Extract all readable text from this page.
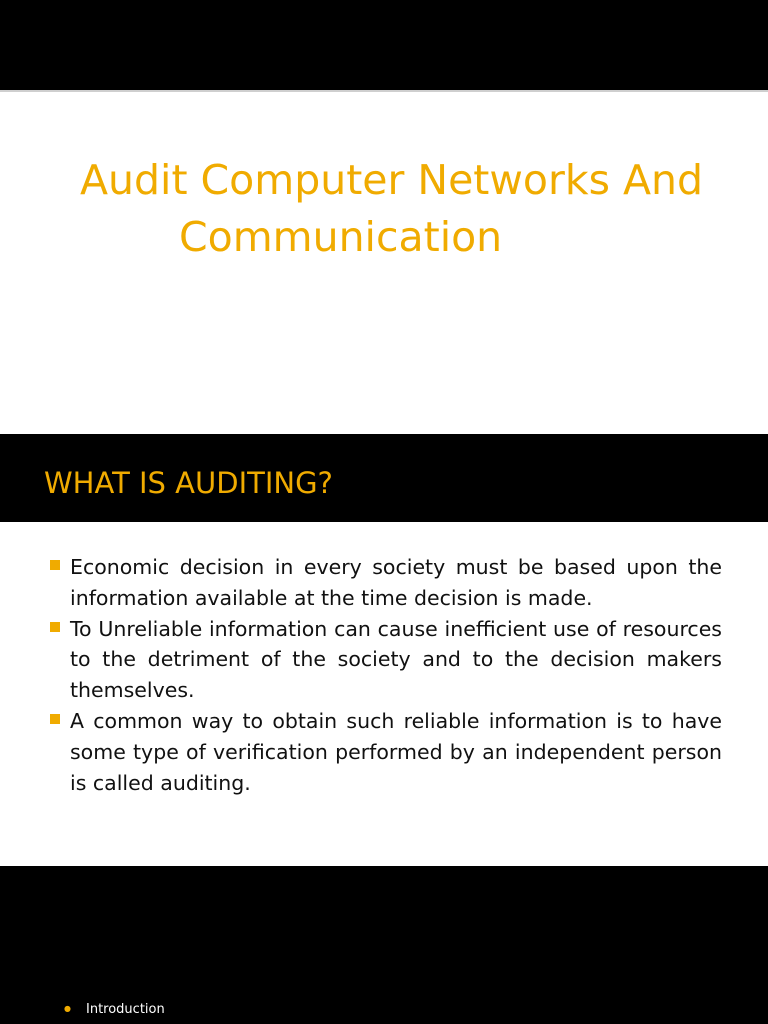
Audit Computer Networks And
Communication
WHAT IS AUDITING?
Economic decision in every society must be based upon the information available at the time decision is made.
To Unreliable information can cause inefficient use of resources to the detriment of the society and to the decision makers themselves.
A common way to obtain such reliable information is to have some type of verification performed by an independent person is called auditing.
● Introduction
